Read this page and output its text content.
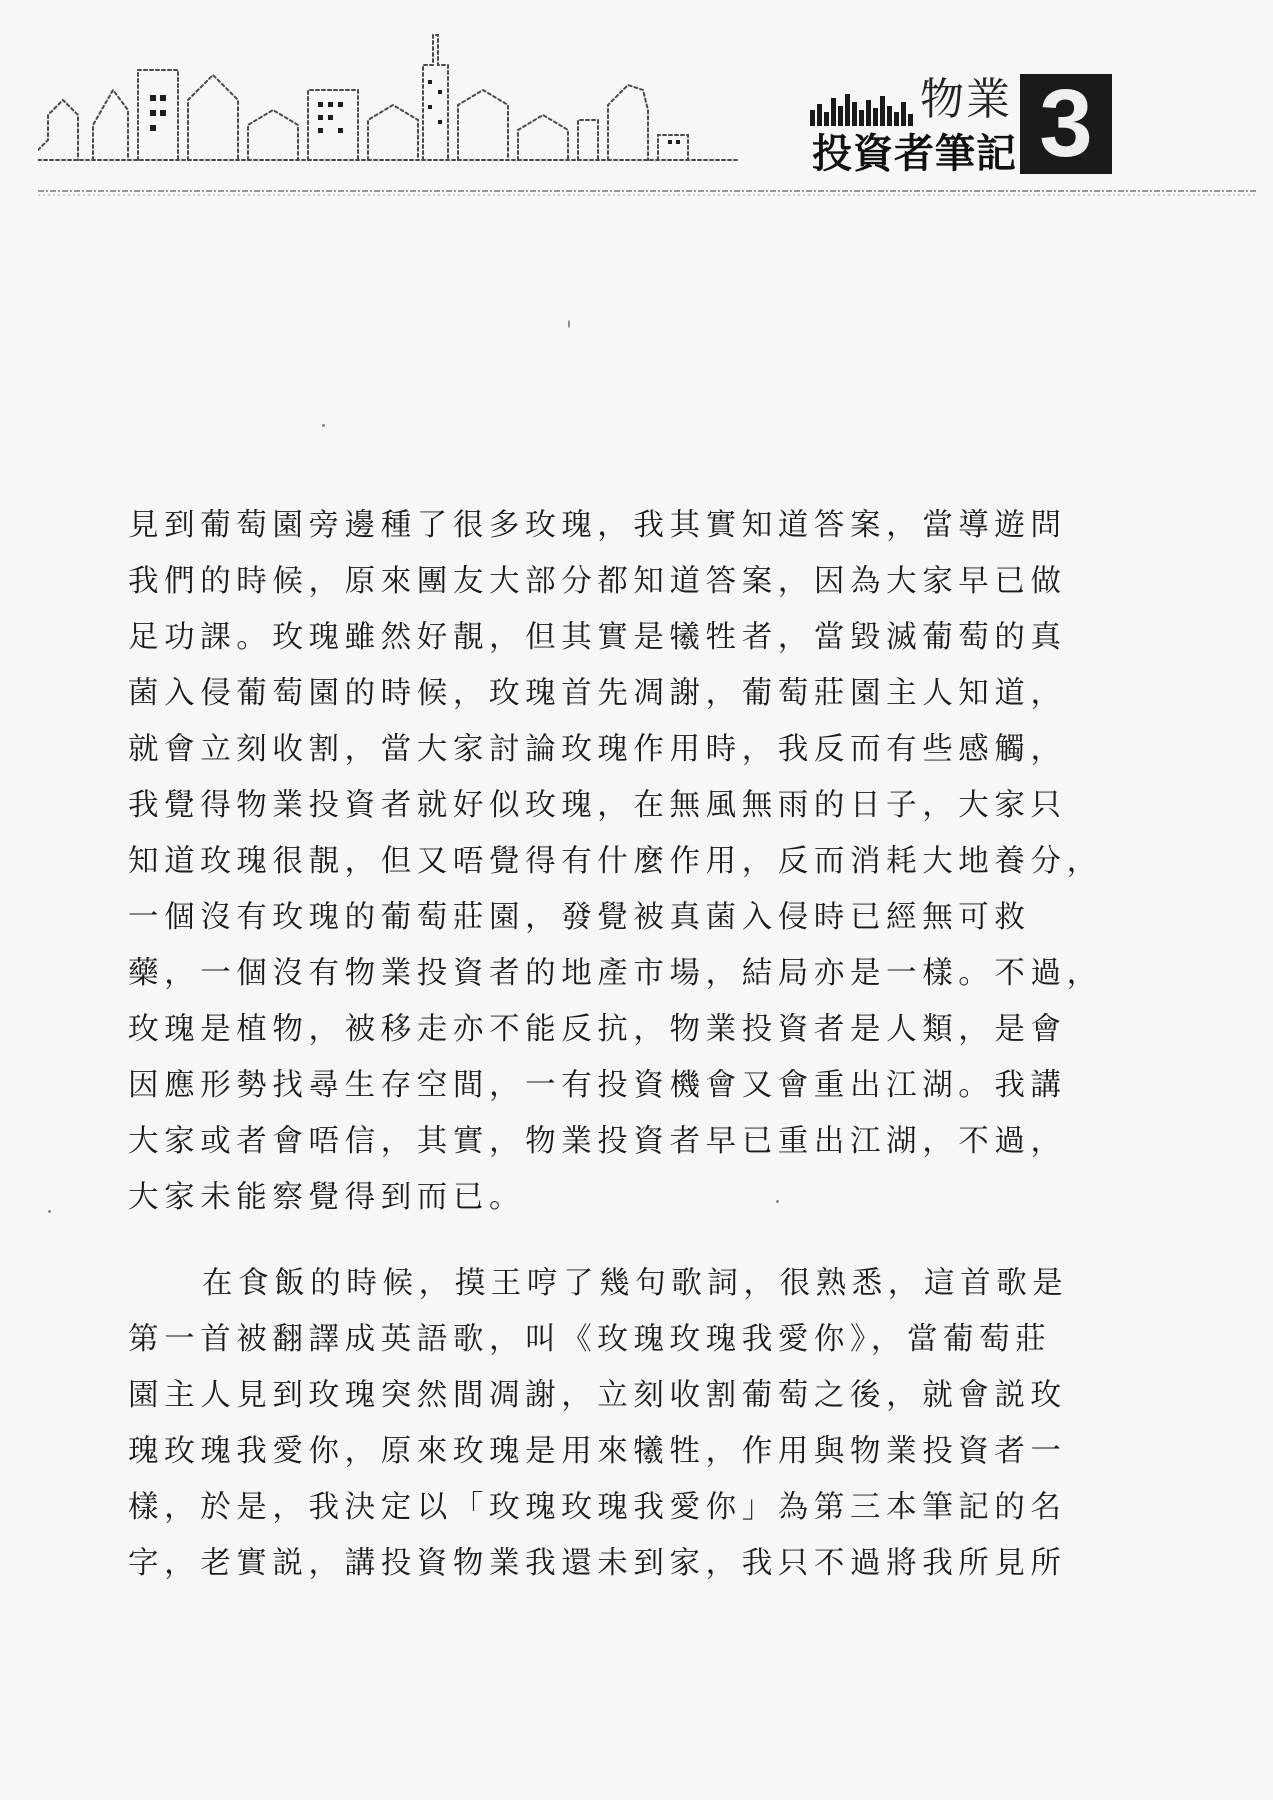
物業
投資者筆記 3
見到葡萄園旁邊種了很多玫瑰，我其實知道答案，當導遊問
我們的時候，原來團友大部分都知道答案，因為大家早已做
足功課。玫瑰雖然好靚，但其實是犧牲者，當毀滅葡萄的真
菌入侵葡萄園的時候，玫瑰首先凋謝，葡萄莊園主人知道，
就會立刻收割，當大家討論玫瑰作用時，我反而有些感觸，
我覺得物業投資者就好似玫瑰，在無風無雨的日子，大家只
知道玫瑰很靚，但又唔覺得有什麼作用，反而消耗大地養分，
一個沒有玫瑰的葡萄莊園，發覺被真菌入侵時已經無可救
藥，一個沒有物業投資者的地產市場，結局亦是一樣。不過，
玫瑰是植物，被移走亦不能反抗，物業投資者是人類，是會
因應形勢找尋生存空間，一有投資機會又會重出江湖。我講
大家或者會唔信，其實，物業投資者早已重出江湖，不過，
大家未能察覺得到而已。
在食飯的時候，摸王哼了幾句歌詞，很熟悉，這首歌是
第一首被翻譯成英語歌，叫《玫瑰玫瑰我愛你》，當葡萄莊
園主人見到玫瑰突然間凋謝，立刻收割葡萄之後，就會説玫
瑰玫瑰我愛你，原來玫瑰是用來犧牲，作用與物業投資者一
樣，於是，我決定以「玫瑰玫瑰我愛你」為第三本筆記的名
字，老實説，講投資物業我還未到家，我只不過將我所見所
